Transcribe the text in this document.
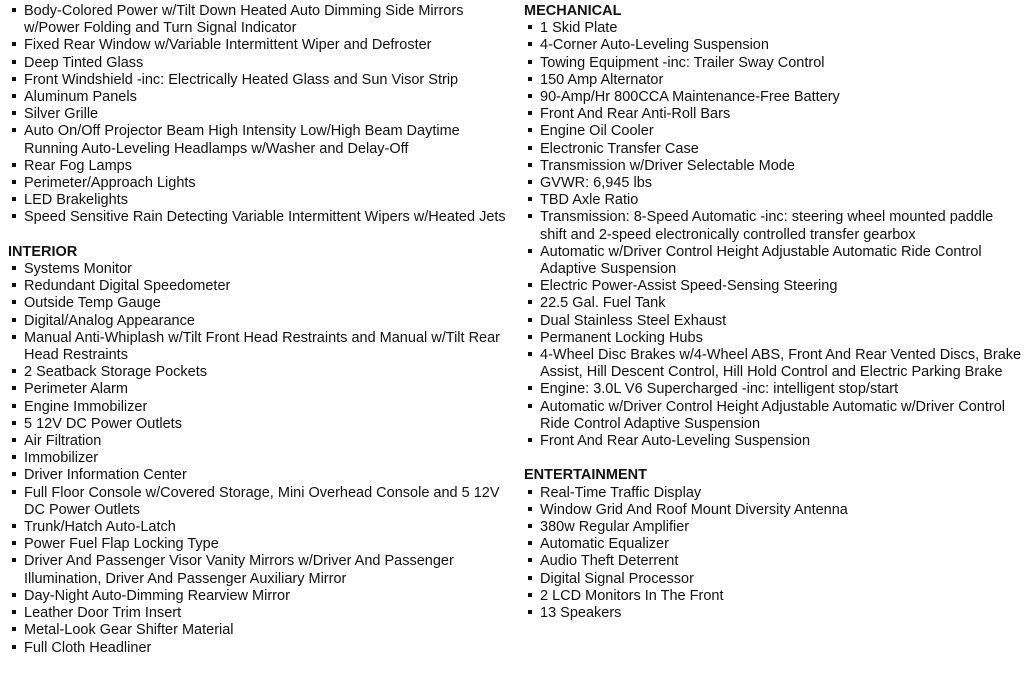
Body-Colored Power w/Tilt Down Heated Auto Dimming Side Mirrors w/Power Folding and Turn Signal Indicator
Fixed Rear Window w/Variable Intermittent Wiper and Defroster
Deep Tinted Glass
Front Windshield -inc: Electrically Heated Glass and Sun Visor Strip
Aluminum Panels
Silver Grille
Auto On/Off Projector Beam High Intensity Low/High Beam Daytime Running Auto-Leveling Headlamps w/Washer and Delay-Off
Rear Fog Lamps
Perimeter/Approach Lights
LED Brakelights
Speed Sensitive Rain Detecting Variable Intermittent Wipers w/Heated Jets
INTERIOR
Systems Monitor
Redundant Digital Speedometer
Outside Temp Gauge
Digital/Analog Appearance
Manual Anti-Whiplash w/Tilt Front Head Restraints and Manual w/Tilt Rear Head Restraints
2 Seatback Storage Pockets
Perimeter Alarm
Engine Immobilizer
5 12V DC Power Outlets
Air Filtration
Immobilizer
Driver Information Center
Full Floor Console w/Covered Storage, Mini Overhead Console and 5 12V DC Power Outlets
Trunk/Hatch Auto-Latch
Power Fuel Flap Locking Type
Driver And Passenger Visor Vanity Mirrors w/Driver And Passenger Illumination, Driver And Passenger Auxiliary Mirror
Day-Night Auto-Dimming Rearview Mirror
Leather Door Trim Insert
Metal-Look Gear Shifter Material
Full Cloth Headliner
MECHANICAL
1 Skid Plate
4-Corner Auto-Leveling Suspension
Towing Equipment -inc: Trailer Sway Control
150 Amp Alternator
90-Amp/Hr 800CCA Maintenance-Free Battery
Front And Rear Anti-Roll Bars
Engine Oil Cooler
Electronic Transfer Case
Transmission w/Driver Selectable Mode
GVWR: 6,945 lbs
TBD Axle Ratio
Transmission: 8-Speed Automatic -inc: steering wheel mounted paddle shift and 2-speed electronically controlled transfer gearbox
Automatic w/Driver Control Height Adjustable Automatic Ride Control Adaptive Suspension
Electric Power-Assist Speed-Sensing Steering
22.5 Gal. Fuel Tank
Dual Stainless Steel Exhaust
Permanent Locking Hubs
4-Wheel Disc Brakes w/4-Wheel ABS, Front And Rear Vented Discs, Brake Assist, Hill Descent Control, Hill Hold Control and Electric Parking Brake
Engine: 3.0L V6 Supercharged -inc: intelligent stop/start
Automatic w/Driver Control Height Adjustable Automatic w/Driver Control Ride Control Adaptive Suspension
Front And Rear Auto-Leveling Suspension
ENTERTAINMENT
Real-Time Traffic Display
Window Grid And Roof Mount Diversity Antenna
380w Regular Amplifier
Automatic Equalizer
Audio Theft Deterrent
Digital Signal Processor
2 LCD Monitors In The Front
13 Speakers
